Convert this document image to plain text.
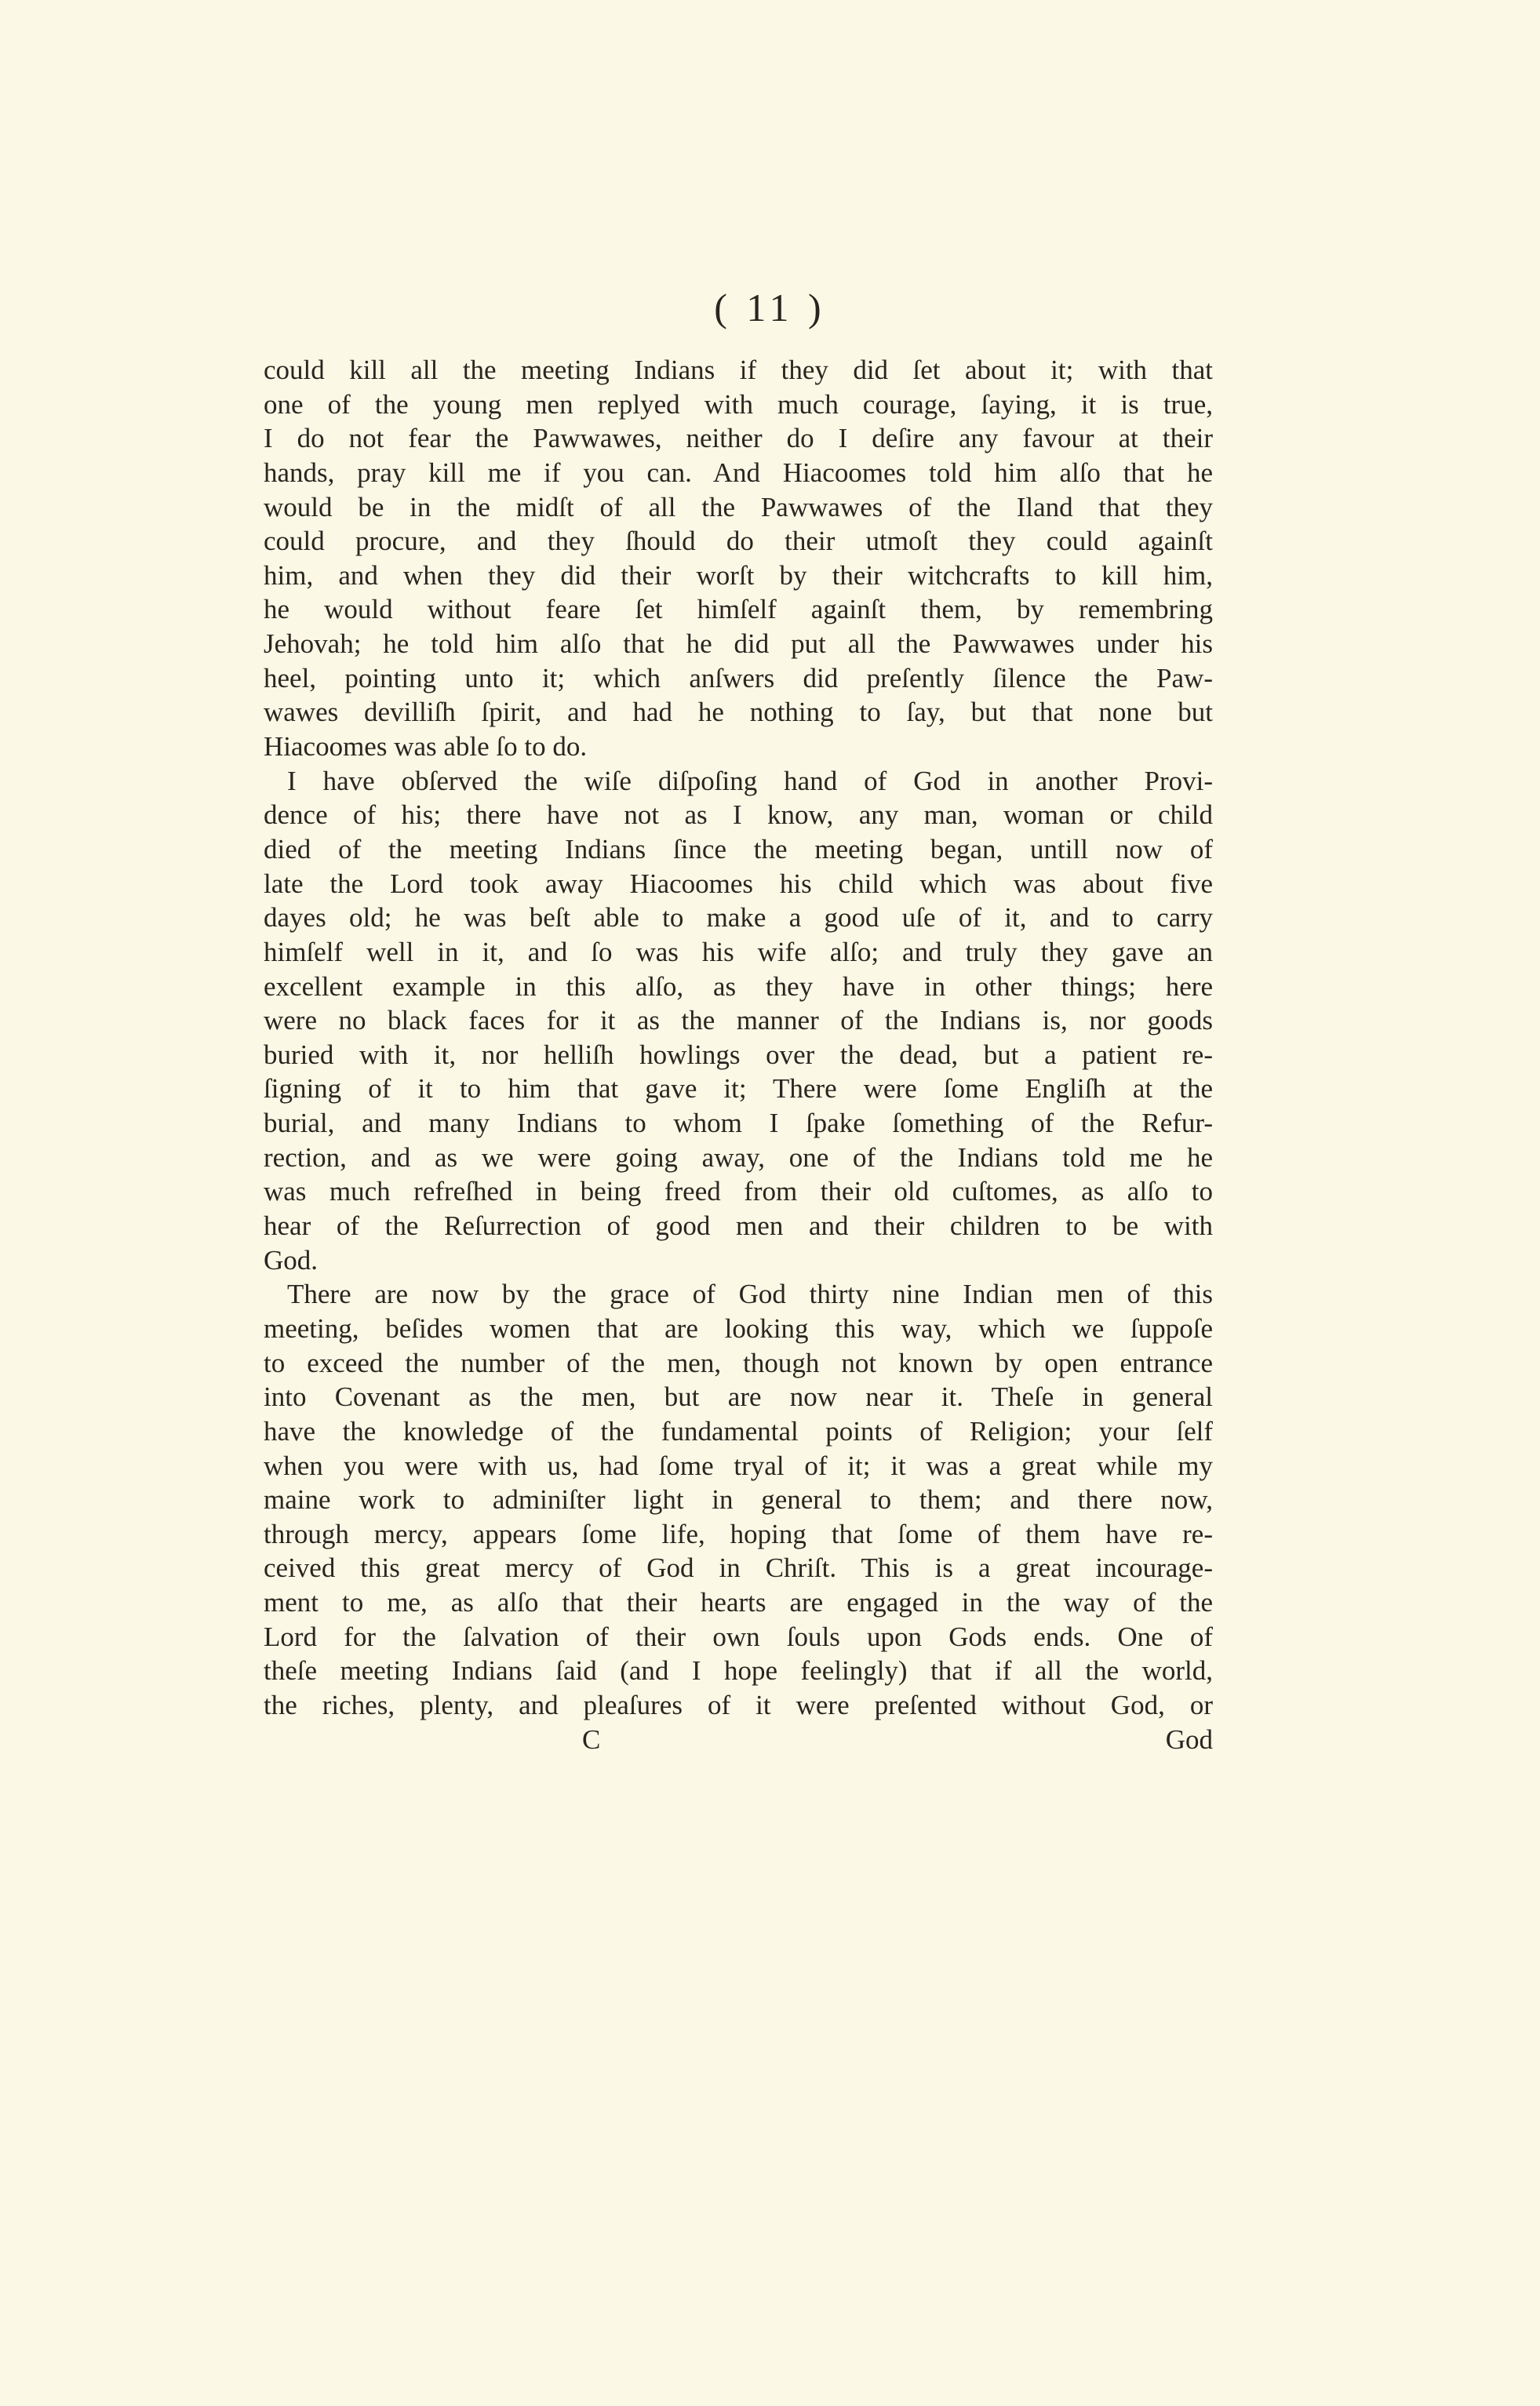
( 11 )
could kill all the meeting Indians if they did ſet about it; with that
one of the young men replyed with much courage, ſaying, it is true,
I do not fear the Pawwawes, neither do I deſire any favour at their
hands, pray kill me if you can. And Hiacoomes told him alſo that he
would be in the midſt of all the Pawwawes of the Iland that they
could procure, and they ſhould do their utmoſt they could againſt
him, and when they did their worſt by their witchcrafts to kill him,
he would without feare ſet himſelf againſt them, by remembring
Jehovah; he told him alſo that he did put all the Pawwawes under his
heel, pointing unto it; which anſwers did preſently ſilence the Paw-
wawes devilliſh ſpirit, and had he nothing to ſay, but that none but
Hiacoomes was able ſo to do.
I have obſerved the wiſe diſpoſing hand of God in another Provi-
dence of his; there have not as I know, any man, woman or child
died of the meeting Indians ſince the meeting began, untill now of
late the Lord took away Hiacoomes his child which was about five
dayes old; he was beſt able to make a good uſe of it, and to carry
himſelf well in it, and ſo was his wife alſo; and truly they gave an
excellent example in this alſo, as they have in other things; here
were no black faces for it as the manner of the Indians is, nor goods
buried with it, nor helliſh howlings over the dead, but a patient re-
ſigning of it to him that gave it; There were ſome Engliſh at the
burial, and many Indians to whom I ſpake ſomething of the Refur-
rection, and as we were going away, one of the Indians told me he
was much refreſhed in being freed from their old cuſtomes, as alſo to
hear of the Reſurrection of good men and their children to be with
God.
There are now by the grace of God thirty nine Indian men of this
meeting, beſides women that are looking this way, which we ſuppoſe
to exceed the number of the men, though not known by open entrance
into Covenant as the men, but are now near it. Theſe in general
have the knowledge of the fundamental points of Religion; your ſelf
when you were with us, had ſome tryal of it; it was a great while my
maine work to adminiſter light in general to them; and there now,
through mercy, appears ſome life, hoping that ſome of them have re-
ceived this great mercy of God in Chriſt. This is a great incourage-
ment to me, as alſo that their hearts are engaged in the way of the
Lord for the ſalvation of their own ſouls upon Gods ends. One of
theſe meeting Indians ſaid (and I hope feelingly) that if all the world,
the riches, plenty, and pleaſures of it were preſented without God, or
C	God
